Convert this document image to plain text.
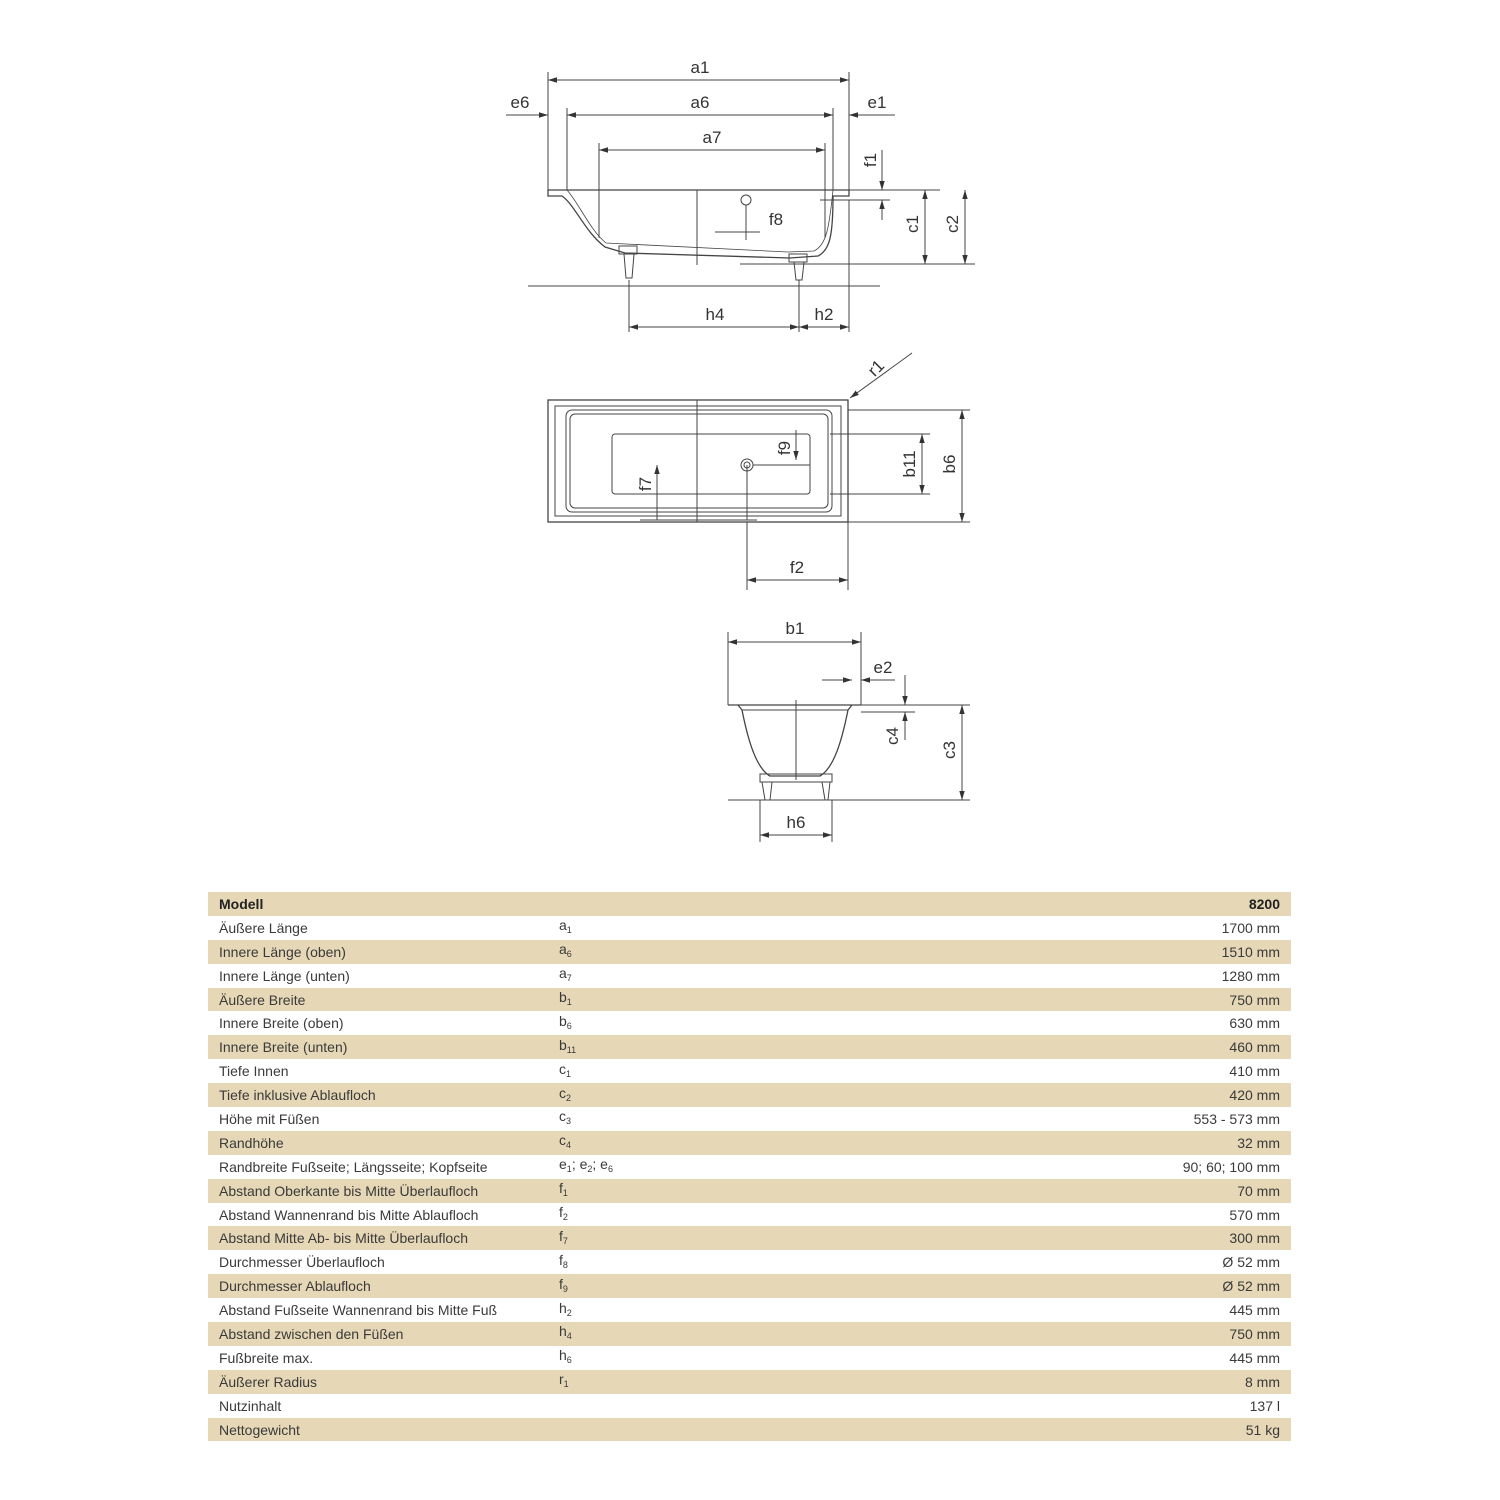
a1
e6	a6	e1
a7
f1
f8	c1 c2
h4	h2
r1
f9
b11 b6
f7
f2
b1
e2
c4
c3
h6
Modell		8200
Äußere Länge	$a_1$	1700 mm
Innere Länge (oben)	$a_6$	1510 mm
Innere Länge (unten)	$a_7$	1280 mm
Äußere Breite	$b_1$	750 mm
Innere Breite (oben)	$b_6$	630 mm
Innere Breite (unten)	$b_{11}$	460 mm
Tiefe Innen	$c_1$	410 mm
Tiefe inklusive Ablaufloch	$c_2$	420 mm
Höhe mit Füßen	$c_3$	553 - 573 mm
Randhöhe	$c_4$	32 mm
Randbreite Fußseite; Längsseite; Kopfseite	$e_1$; $e_2$; $e_6$	90; 60; 100 mm
Abstand Oberkante bis Mitte Überlaufloch	$f_1$	70 mm
Abstand Wannenrand bis Mitte Ablaufloch	$f_2$	570 mm
Abstand Mitte Ab- bis Mitte Überlaufloch	$f_7$	300 mm
Durchmesser Überlaufloch	$f_8$	Ø 52 mm
Durchmesser Ablaufloch	$f_9$	Ø 52 mm
Abstand Fußseite Wannenrand bis Mitte Fuß	$h_2$	445 mm
Abstand zwischen den Füßen	$h_4$	750 mm
Fußbreite max.	$h_6$	445 mm
Äußerer Radius	$r_1$	8 mm
Nutzinhalt		137 l
Nettogewicht		51 kg
